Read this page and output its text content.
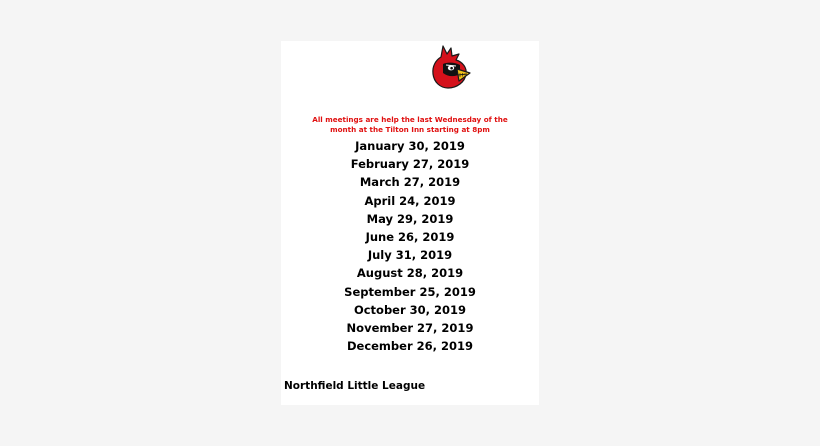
All meetings are help the last Wednesday of the
month at the Tilton Inn starting at 8pm
January 30, 2019
February 27, 2019
March 27, 2019
April 24, 2019
May 29, 2019
June 26, 2019
July 31, 2019
August 28, 2019
September 25, 2019
October 30, 2019
November 27, 2019
December 26, 2019
Northfield Little League
